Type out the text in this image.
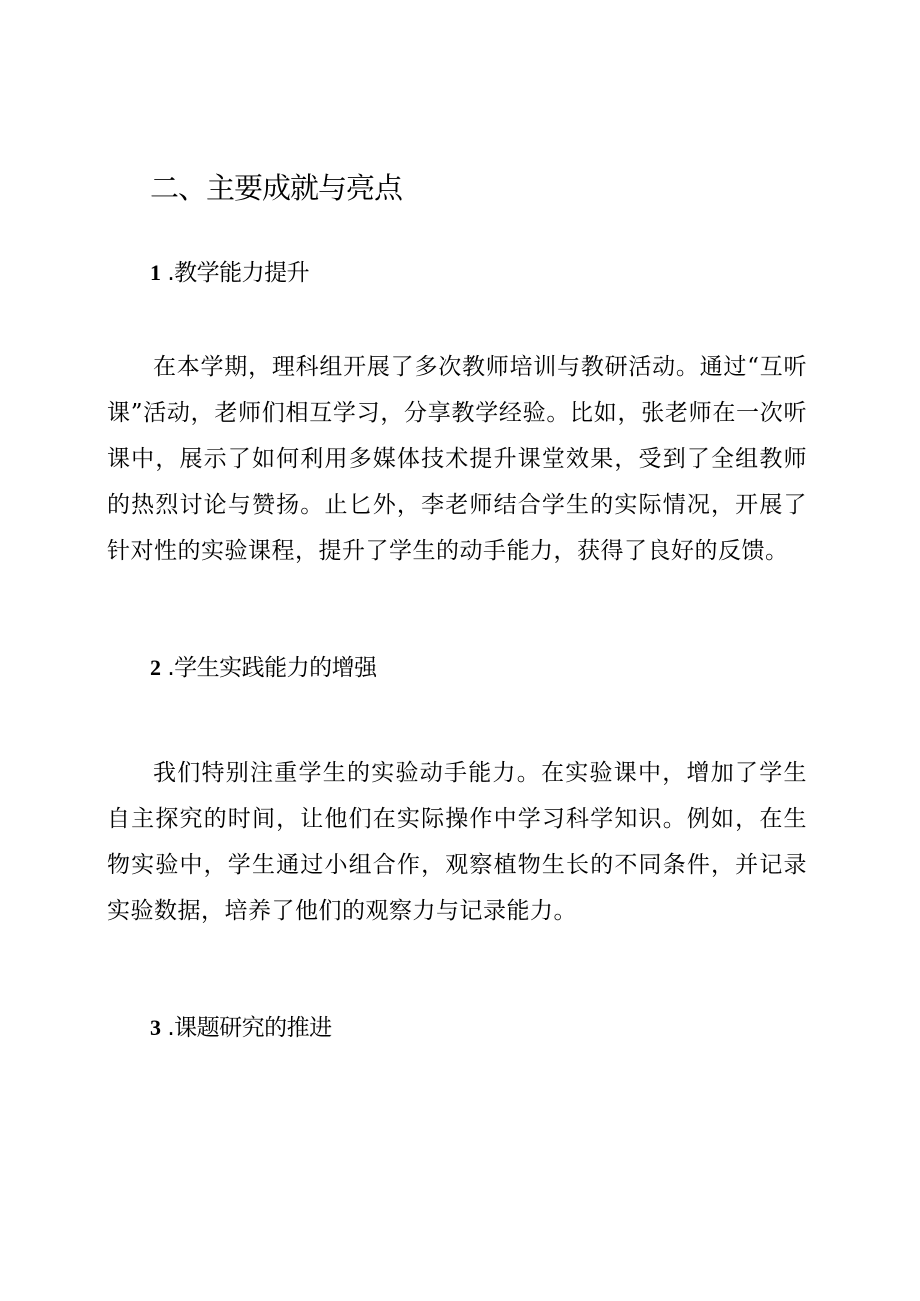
二、主要成就与亮点
1 .教学能力提升

在本学期，理科组开展了多次教师培训与教研活动。通过“互听课”活动，老师们相互学习，分享教学经验。比如，张老师在一次听课中，展示了如何利用多媒体技术提升课堂效果，受到了全组教师的热烈讨论与赞扬。止匕外，李老师结合学生的实际情况，开展了针对性的实验课程，提升了学生的动手能力，获得了良好的反馈。

2 .学生实践能力的增强

我们特别注重学生的实验动手能力。在实验课中，增加了学生自主探究的时间，让他们在实际操作中学习科学知识。例如，在生物实验中，学生通过小组合作，观察植物生长的不同条件，并记录实验数据，培养了他们的观察力与记录能力。

3 .课题研究的推进
